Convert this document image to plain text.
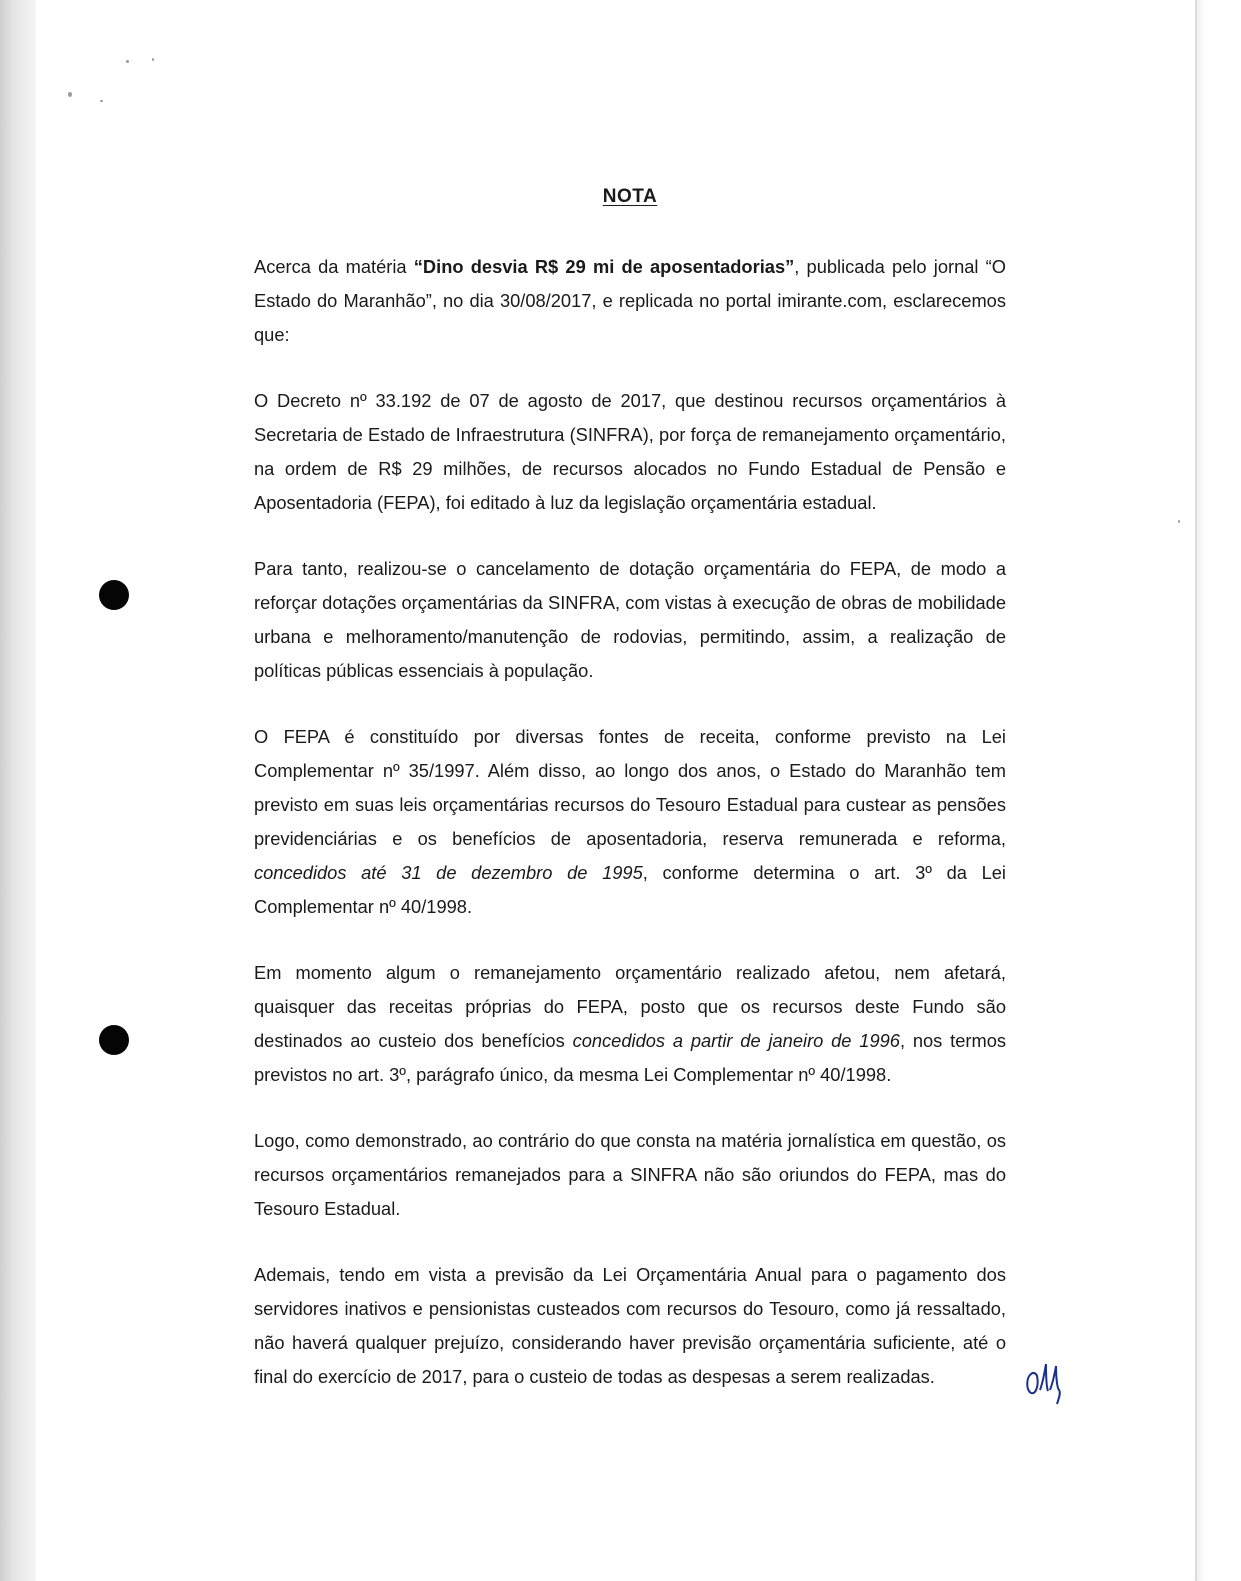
NOTA

Acerca da matéria “Dino desvia R$ 29 mi de aposentadorias”, publicada pelo jornal “O Estado do Maranhão”, no dia 30/08/2017, e replicada no portal imirante.com, esclarecemos que:

O Decreto nº 33.192 de 07 de agosto de 2017, que destinou recursos orçamentários à Secretaria de Estado de Infraestrutura (SINFRA), por força de remanejamento orçamentário, na ordem de R$ 29 milhões, de recursos alocados no Fundo Estadual de Pensão e Aposentadoria (FEPA), foi editado à luz da legislação orçamentária estadual.

Para tanto, realizou-se o cancelamento de dotação orçamentária do FEPA, de modo a reforçar dotações orçamentárias da SINFRA, com vistas à execução de obras de mobilidade urbana e melhoramento/manutenção de rodovias, permitindo, assim, a realização de políticas públicas essenciais à população.

O FEPA é constituído por diversas fontes de receita, conforme previsto na Lei Complementar nº 35/1997. Além disso, ao longo dos anos, o Estado do Maranhão tem previsto em suas leis orçamentárias recursos do Tesouro Estadual para custear as pensões previdenciárias e os benefícios de aposentadoria, reserva remunerada e reforma, concedidos até 31 de dezembro de 1995, conforme determina o art. 3º da Lei Complementar nº 40/1998.

Em momento algum o remanejamento orçamentário realizado afetou, nem afetará, quaisquer das receitas próprias do FEPA, posto que os recursos deste Fundo são destinados ao custeio dos benefícios concedidos a partir de janeiro de 1996, nos termos previstos no art. 3º, parágrafo único, da mesma Lei Complementar nº 40/1998.

Logo, como demonstrado, ao contrário do que consta na matéria jornalística em questão, os recursos orçamentários remanejados para a SINFRA não são oriundos do FEPA, mas do Tesouro Estadual.

Ademais, tendo em vista a previsão da Lei Orçamentária Anual para o pagamento dos servidores inativos e pensionistas custeados com recursos do Tesouro, como já ressaltado, não haverá qualquer prejuízo, considerando haver previsão orçamentária suficiente, até o final do exercício de 2017, para o custeio de todas as despesas a serem realizadas.
